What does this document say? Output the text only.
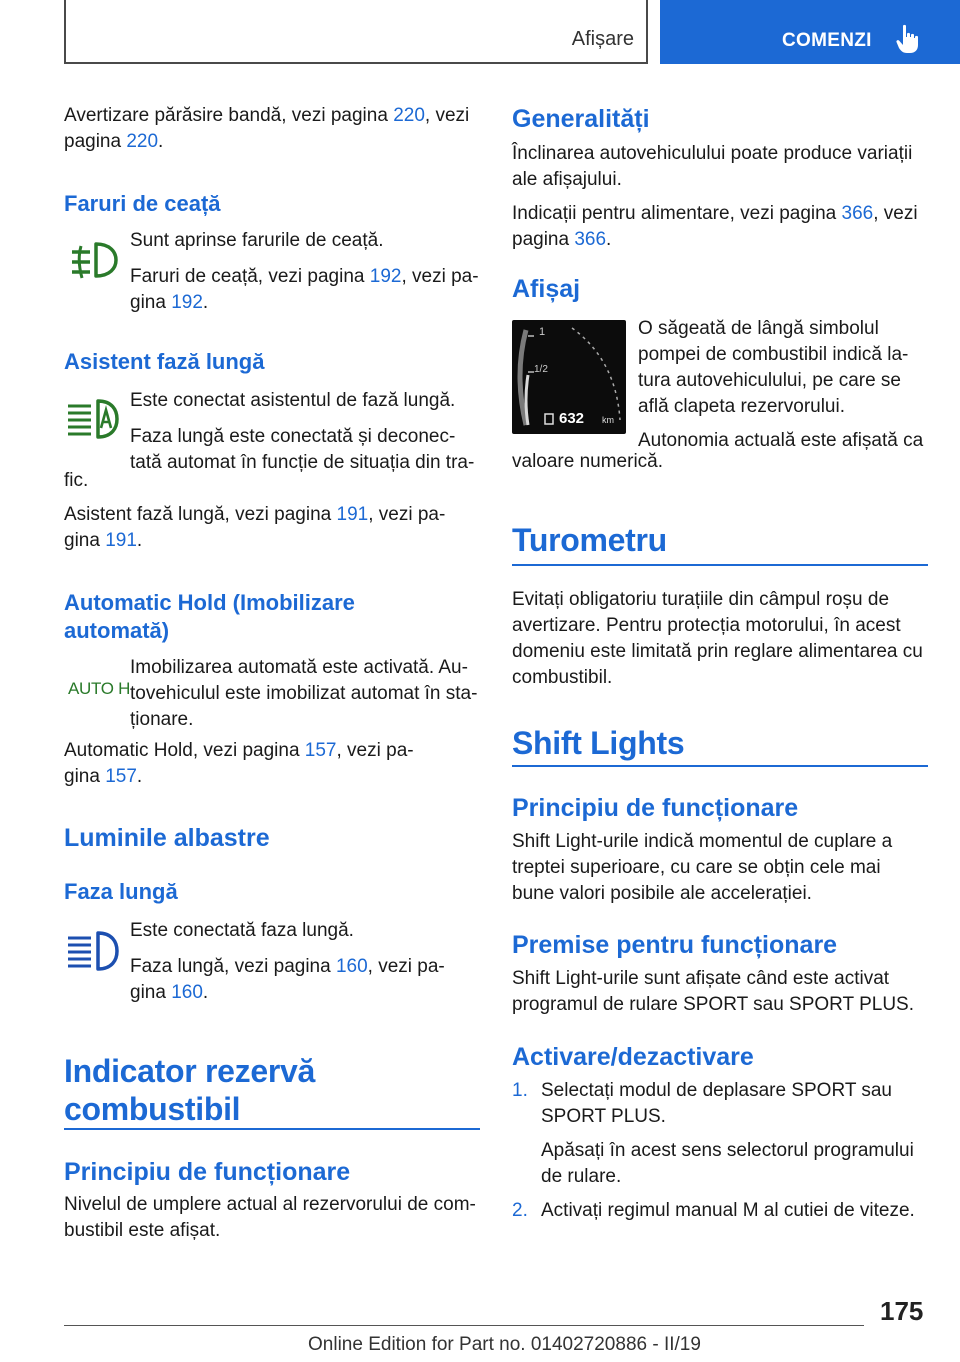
Afișare	COMENZI

Avertizare părăsire bandă, vezi pagina 220, vezi

pagina 220.

Faruri de ceață

Sunt aprinse farurile de ceață.

Faruri de ceață, vezi pagina 192, vezi pa-

gina 192.

Asistent fază lungă

Este conectat asistentul de fază lungă.

Faza lungă este conectată și deconec-

tată automat în funcție de situația din tra-

fic.

Asistent fază lungă, vezi pagina 191, vezi pa-

gina 191.

Automatic Hold (Imobilizare

automată)

AUTO H

Imobilizarea automată este activată. Au-

tovehiculul este imobilizat automat în sta-

ționare.

Automatic Hold, vezi pagina 157, vezi pa-

gina 157.

Luminile albastre

Faza lungă

Este conectată faza lungă.

Faza lungă, vezi pagina 160, vezi pa-

gina 160.

Indicator rezervă

combustibil

Principiu de funcționare

Nivelul de umplere actual al rezervorului de com-

bustibil este afișat.

Generalități

Înclinarea autovehiculului poate produce variații

ale afișajului.

Indicații pentru alimentare, vezi pagina 366, vezi

pagina 366.

Afișaj

1
1/2
632 km

O săgeată de lângă simbolul

pompei de combustibil indică la-

tura autovehiculului, pe care se

află clapeta rezervorului.

Autonomia actuală este afișată ca

valoare numerică.

Turometru

Evitați obligatoriu turațiile din câmpul roșu de

avertizare. Pentru protecția motorului, în acest

domeniu este limitată prin reglare alimentarea cu

combustibil.

Shift Lights

Principiu de funcționare

Shift Light-urile indică momentul de cuplare a

treptei superioare, cu care se obțin cele mai

bune valori posibile ale accelerației.

Premise pentru funcționare

Shift Light-urile sunt afișate când este activat

programul de rulare SPORT sau SPORT PLUS.

Activare/dezactivare

1. Selectați modul de deplasare SPORT sau

SPORT PLUS.

Apăsați în acest sens selectorul programului

de rulare.

2. Activați regimul manual M al cutiei de viteze.

175
Online Edition for Part no. 01402720886 - II/19
